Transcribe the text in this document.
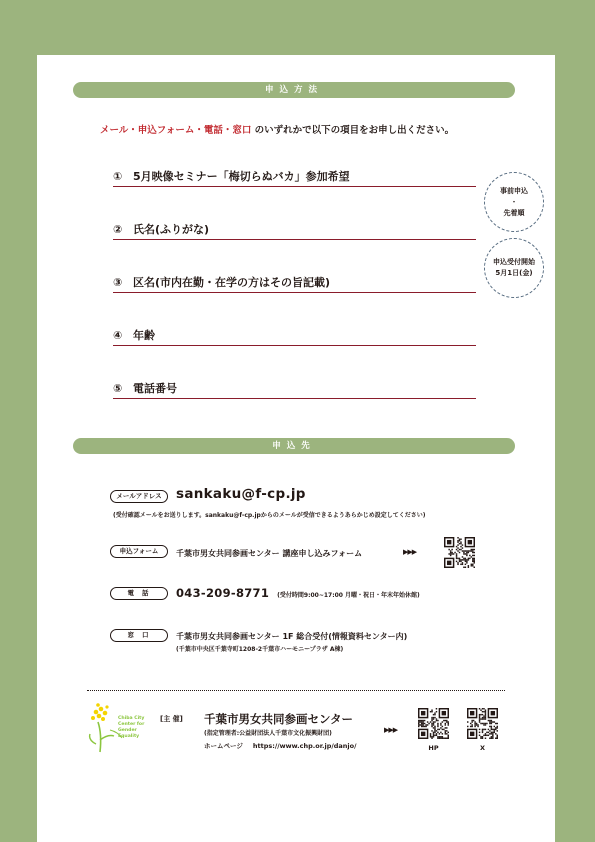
申込方法
メール・申込フォーム・電話・窓口 のいずれかで以下の項目をお申し出ください。
① 5月映像セミナー「梅切らぬバカ」参加希望
② 氏名(ふりがな)
③ 区名(市内在勤・在学の方はその旨記載)
④ 年齢
⑤ 電話番号
事前申込
・
先着順
申込受付開始
5月1日(金)
申込先
メールアドレス	sankaku@f-cp.jp
(受付確認メールをお送りします。sankaku@f-cp.jpからのメールが受信できるようあらかじめ設定してください)
申込フォーム	千葉市男女共同参画センター 講座申し込みフォーム	▶▶▶
電話	043-209-8771 (受付時間9:00~17:00 月曜・祝日・年末年始休館)
窓口	千葉市男女共同参画センター 1F 総合受付(情報資料センター内)
(千葉市中央区千葉寺町1208-2千葉市ハーモニープラザ A棟)
Chiba City
Center for
Gender
Equality
[主 催] 千葉市男女共同参画センター
(指定管理者:公益財団法人千葉市文化振興財団)
ホームページ https://www.chp.or.jp/danjo/
▶▶▶
HP	X
